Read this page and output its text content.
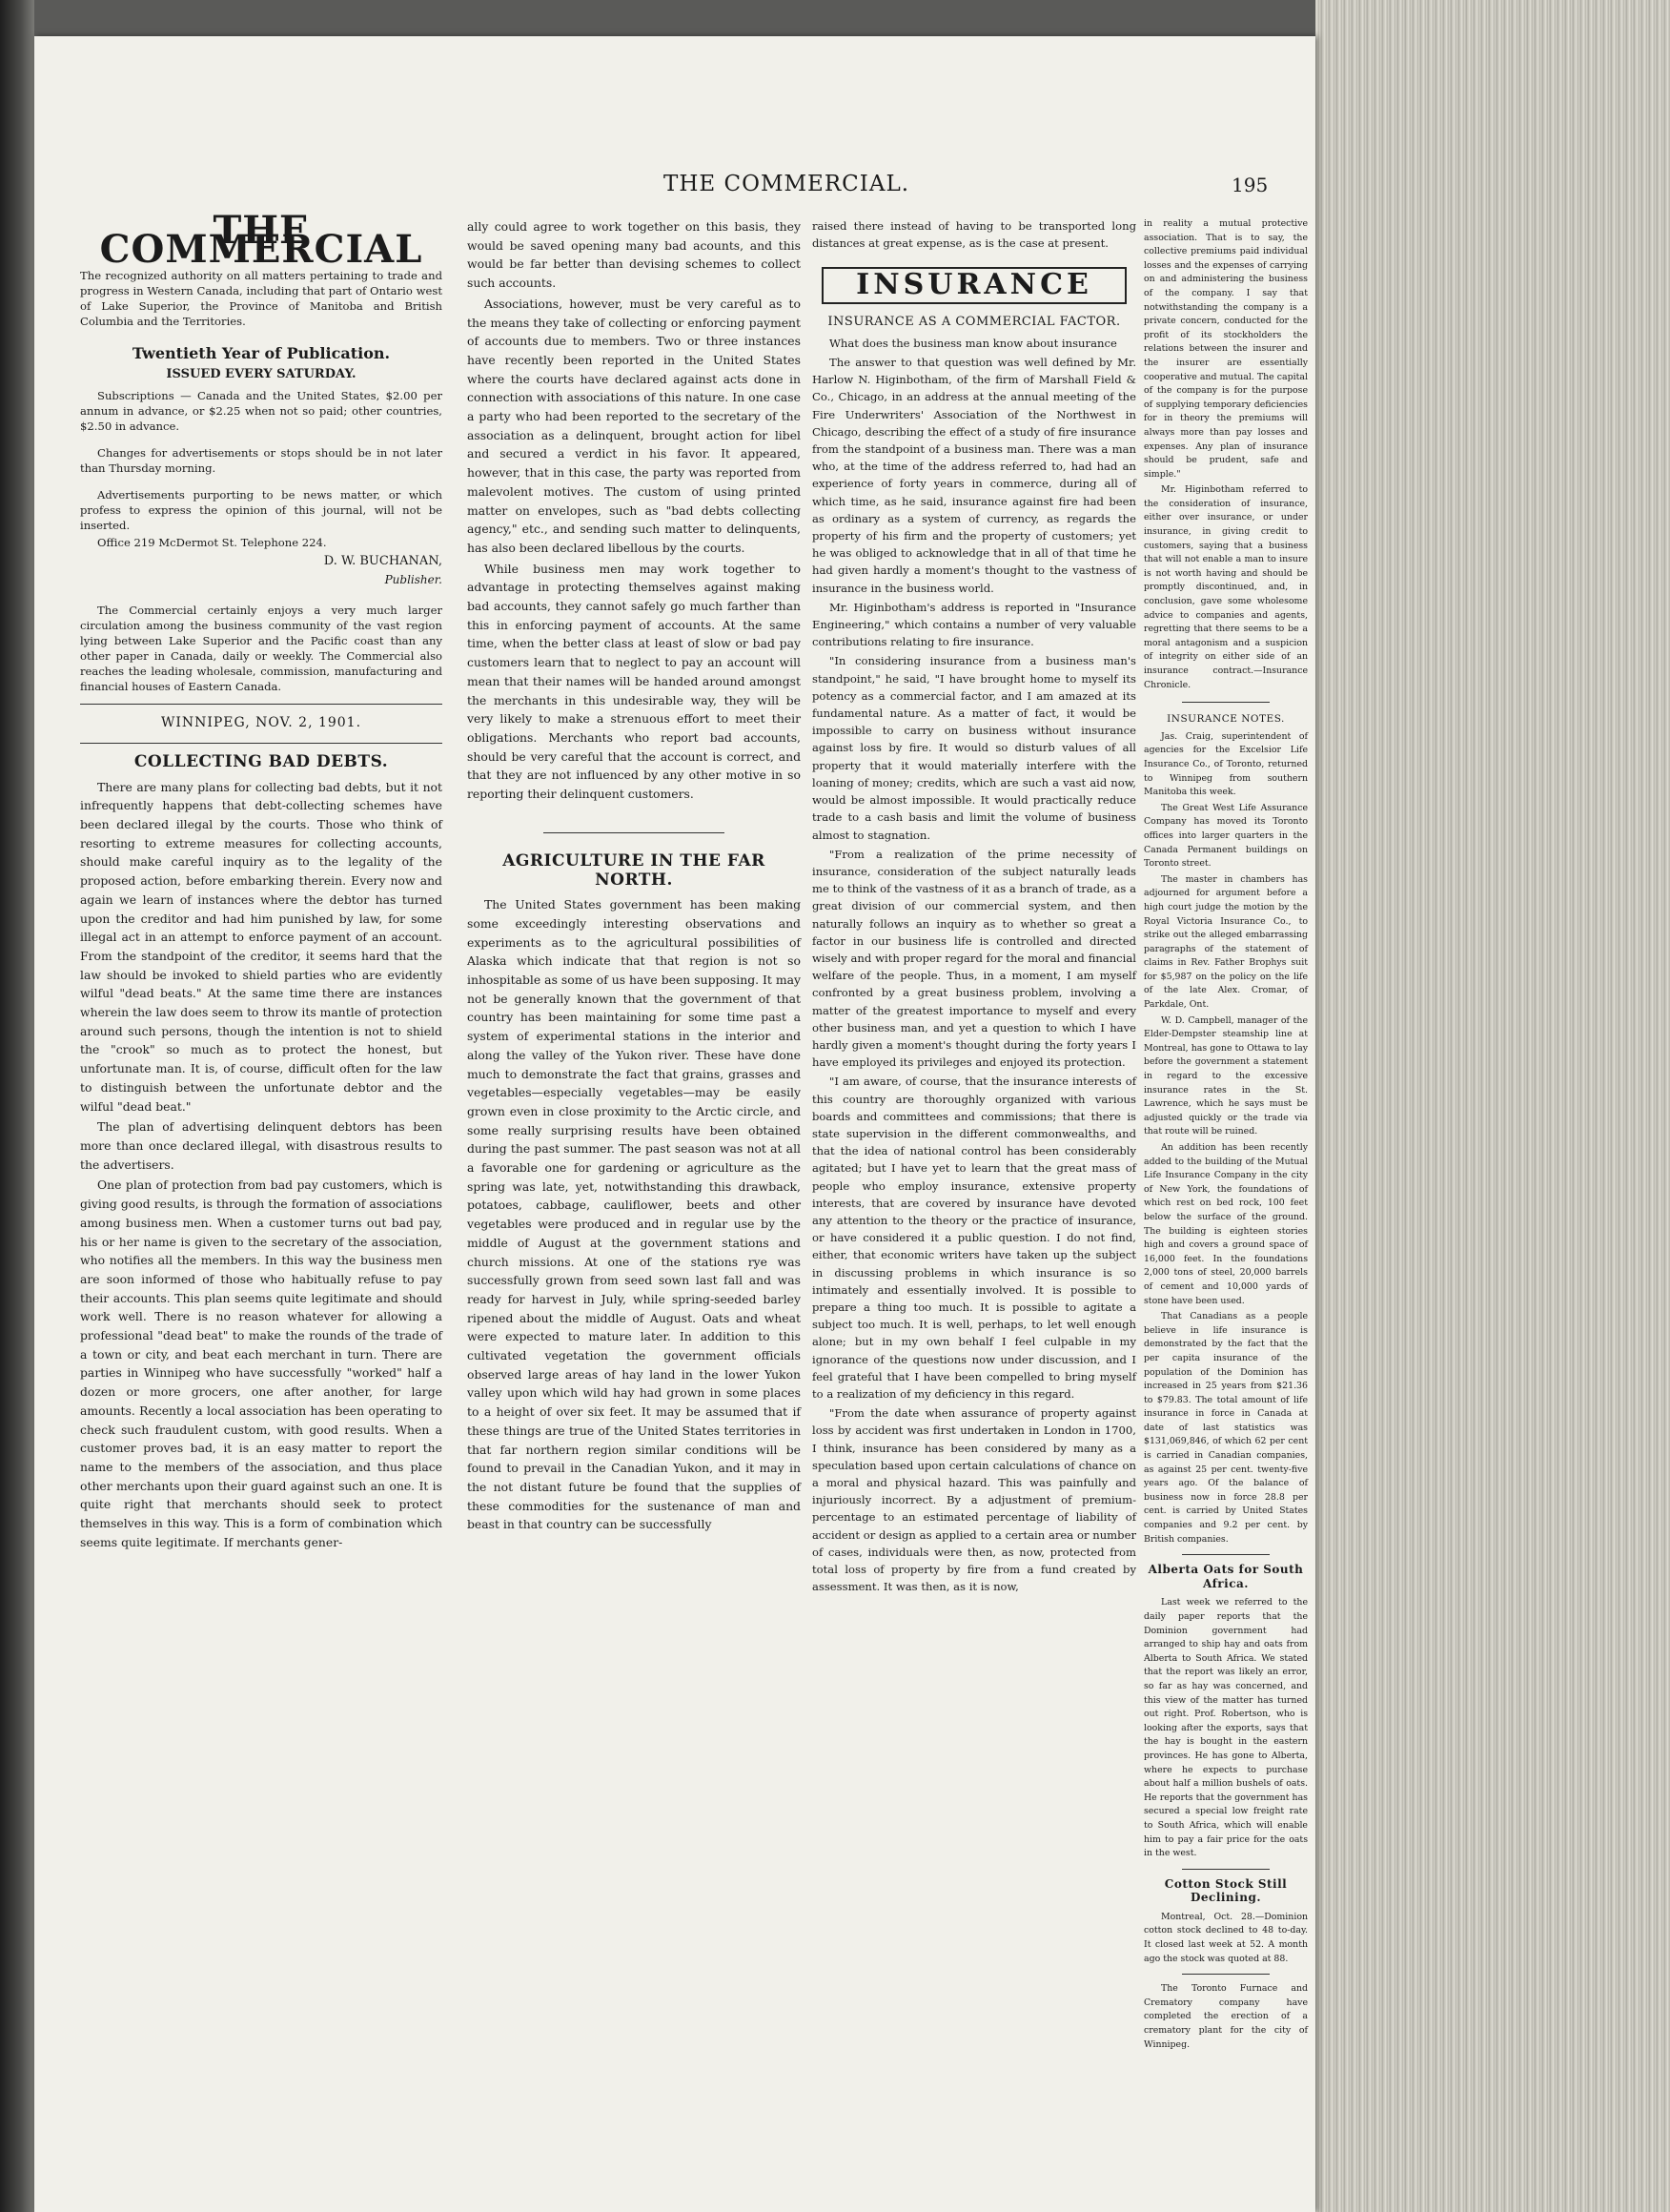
THE COMMERCIAL.	195
THE COMMERCIAL

The recognized authority on all matters pertaining to trade and progress in Western Canada, including that part of Ontario west of Lake Superior, the Province of Manitoba and British Columbia and the Territories.

Twentieth Year of Publication.
ISSUED EVERY SATURDAY.

Subscriptions — Canada and the United States, $2.00 per annum in advance, or $2.25 when not so paid; other countries, $2.50 in advance.

Changes for advertisements or stops should be in not later than Thursday morning.

Advertisements purporting to be news matter, or which profess to express the opinion of this journal, will not be inserted.

Office 219 McDermot St. Telephone 224.

D. W. BUCHANAN,
Publisher.

The Commercial certainly enjoys a very much larger circulation among the business community of the vast region lying between Lake Superior and the Pacific coast than any other paper in Canada, daily or weekly. The Commercial also reaches the leading wholesale, commission, manufacturing and financial houses of Eastern Canada.

WINNIPEG, NOV. 2, 1901.
COLLECTING BAD DEBTS.

There are many plans for collecting bad debts, but it not infrequently happens that debt-collecting schemes have been declared illegal by the courts. Those who think of resorting to extreme measures for collecting accounts, should make careful inquiry as to the legality of the proposed action, before embarking therein. Every now and again we learn of instances where the debtor has turned upon the creditor and had him punished by law, for some illegal act in an attempt to enforce payment of an account. From the standpoint of the creditor, it seems hard that the law should be invoked to shield parties who are evidently wilful "dead beats." At the same time there are instances wherein the law does seem to throw its mantle of protection around such persons, though the intention is not to shield the "crook" so much as to protect the honest, but unfortunate man. It is, of course, difficult often for the law to distinguish between the unfortunate debtor and the wilful "dead beat."

The plan of advertising delinquent debtors has been more than once declared illegal, with disastrous results to the advertisers.

One plan of protection from bad pay customers, which is giving good results, is through the formation of associations among business men. When a customer turns out bad pay, his or her name is given to the secretary of the association, who notifies all the members. In this way the business men are soon informed of those who habitually refuse to pay their accounts. This plan seems quite legitimate and should work well. There is no reason whatever for allowing a professional "dead beat" to make the rounds of the trade of a town or city, and beat each merchant in turn. There are parties in Winnipeg who have successfully "worked" half a dozen or more grocers, one after another, for large amounts. Recently a local association has been operating to check such fraudulent custom, with good results. When a customer proves bad, it is an easy matter to report the name to the members of the association, and thus place other merchants upon their guard against such an one. It is quite right that merchants should seek to protect themselves in this way. This is a form of combination which seems quite legitimate. If merchants gener-

ally could agree to work together on this basis, they would be saved opening many bad acounts, and this would be far better than devising schemes to collect such accounts.

Associations, however, must be very careful as to the means they take of collecting or enforcing payment of accounts due to members. Two or three instances have recently been reported in the United States where the courts have declared against acts done in connection with associations of this nature. In one case a party who had been reported to the secretary of the association as a delinquent, brought action for libel and secured a verdict in his favor. It appeared, however, that in this case, the party was reported from malevolent motives. The custom of using printed matter on envelopes, such as "bad debts collecting agency," etc., and sending such matter to delinquents, has also been declared libellous by the courts.

While business men may work together to advantage in protecting themselves against making bad accounts, they cannot safely go much farther than this in enforcing payment of accounts. At the same time, when the better class at least of slow or bad pay customers learn that to neglect to pay an account will mean that their names will be handed around amongst the merchants in this undesirable way, they will be very likely to make a strenuous effort to meet their obligations. Merchants who report bad accounts, should be very careful that the account is correct, and that they are not influenced by any other motive in so reporting their delinquent customers.

AGRICULTURE IN THE FAR NORTH.

The United States government has been making some exceedingly interesting observations and experiments as to the agricultural possibilities of Alaska which indicate that that region is not so inhospitable as some of us have been supposing. It may not be generally known that the government of that country has been maintaining for some time past a system of experimental stations in the interior and along the valley of the Yukon river. These have done much to demonstrate the fact that grains, grasses and vegetables—especially vegetables—may be easily grown even in close proximity to the Arctic circle, and some really surprising results have been obtained during the past summer. The past season was not at all a favorable one for gardening or agriculture as the spring was late, yet, notwithstanding this drawback, potatoes, cabbage, cauliflower, beets and other vegetables were produced and in regular use by the middle of August at the government stations and church missions. At one of the stations rye was successfully grown from seed sown last fall and was ready for harvest in July, while spring-seeded barley ripened about the middle of August. Oats and wheat were expected to mature later. In addition to this cultivated vegetation the government officials observed large areas of hay land in the lower Yukon valley upon which wild hay had grown in some places to a height of over six feet. It may be assumed that if these things are true of the United States territories in that far northern region similar conditions will be found to prevail in the Canadian Yukon, and it may in the not distant future be found that the supplies of these commodities for the sustenance of man and beast in that country can be successfully

raised there instead of having to be transported long distances at great expense, as is the case at present.

INSURANCE
INSURANCE AS A COMMERCIAL FACTOR.

What does the business man know about insurance

The answer to that question was well defined by Mr. Harlow N. Higinbotham, of the firm of Marshall Field & Co., Chicago, in an address at the annual meeting of the Fire Underwriters' Association of the Northwest in Chicago, describing the effect of a study of fire insurance from the standpoint of a business man. There was a man who, at the time of the address referred to, had had an experience of forty years in commerce, during all of which time, as he said, insurance against fire had been as ordinary as a system of currency, as regards the property of his firm and the property of customers; yet he was obliged to acknowledge that in all of that time he had given hardly a moment's thought to the vastness of insurance in the business world.

Mr. Higinbotham's address is reported in "Insurance Engineering," which contains a number of very valuable contributions relating to fire insurance.

"In considering insurance from a business man's standpoint," he said, "I have brought home to myself its potency as a commercial factor, and I am amazed at its fundamental nature. As a matter of fact, it would be impossible to carry on business without insurance against loss by fire. It would so disturb values of all property that it would materially interfere with the loaning of money; credits, which are such a vast aid now, would be almost impossible. It would practically reduce trade to a cash basis and limit the volume of business almost to stagnation.

"From a realization of the prime necessity of insurance, consideration of the subject naturally leads me to think of the vastness of it as a branch of trade, as a great division of our commercial system, and then naturally follows an inquiry as to whether so great a factor in our business life is controlled and directed wisely and with proper regard for the moral and financial welfare of the people. Thus, in a moment, I am myself confronted by a great business problem, involving a matter of the greatest importance to myself and every other business man, and yet a question to which I have hardly given a moment's thought during the forty years I have employed its privileges and enjoyed its protection.

"I am aware, of course, that the insurance interests of this country are thoroughly organized with various boards and committees and commissions; that there is state supervision in the different commonwealths, and that the idea of national control has been considerably agitated; but I have yet to learn that the great mass of people who employ insurance, extensive property interests, that are covered by insurance have devoted any attention to the theory or the practice of insurance, or have considered it a public question. I do not find, either, that economic writers have taken up the subject in discussing problems in which insurance is so intimately and essentially involved. It is possible to prepare a thing too much. It is possible to agitate a subject too much. It is well, perhaps, to let well enough alone; but in my own behalf I feel culpable in my ignorance of the questions now under discussion, and I feel grateful that I have been compelled to bring myself to a realization of my deficiency in this regard.

"From the date when assurance of property against loss by accident was first undertaken in London in 1700, I think, insurance has been considered by many as a speculation based upon certain calculations of chance on a moral and physical hazard. This was painfully and injuriously incorrect. By a adjustment of premium-percentage to an estimated percentage of liability of accident or design as applied to a certain area or number of cases, individuals were then, as now, protected from total loss of property by fire from a fund created by assessment. It was then, as it is now,

in reality a mutual protective association. That is to say, the collective premiums paid individual losses and the expenses of carrying on and administering the business of the company. I say that notwithstanding the company is a private concern, conducted for the profit of its stockholders the relations between the insurer and the insurer are essentially cooperative and mutual. The capital of the company is for the purpose of supplying temporary deficiencies for in theory the premiums will always more than pay losses and expenses. Any plan of insurance should be prudent, safe and simple."

Mr. Higinbotham referred to the consideration of insurance, either over insurance, or under insurance, in giving credit to customers, saying that a business that will not enable a man to insure is not worth having and should be promptly discontinued, and, in conclusion, gave some wholesome advice to companies and agents, regretting that there seems to be a moral antagonism and a suspicion of integrity on either side of an insurance contract.—Insurance Chronicle.

INSURANCE NOTES.

Jas. Craig, superintendent of agencies for the Excelsior Life Insurance Co., of Toronto, returned to Winnipeg from southern Manitoba this week.

The Great West Life Assurance Company has moved its Toronto offices into larger quarters in the Canada Permanent buildings on Toronto street.

The master in chambers has adjourned for argument before a high court judge the motion by the Royal Victoria Insurance Co., to strike out the alleged embarrassing paragraphs of the statement of claims in Rev. Father Brophys suit for $5,987 on the policy on the life of the late Alex. Cromar, of Parkdale, Ont.

W. D. Campbell, manager of the Elder-Dempster steamship line at Montreal, has gone to Ottawa to lay before the government a statement in regard to the excessive insurance rates in the St. Lawrence, which he says must be adjusted quickly or the trade via that route will be ruined.

An addition has been recently added to the building of the Mutual Life Insurance Company in the city of New York, the foundations of which rest on bed rock, 100 feet below the surface of the ground. The building is eighteen stories high and covers a ground space of 16,000 feet. In the foundations 2,000 tons of steel, 20,000 barrels of cement and 10,000 yards of stone have been used.

That Canadians as a people believe in life insurance is demonstrated by the fact that the per capita insurance of the population of the Dominion has increased in 25 years from $21.36 to $79.83. The total amount of life insurance in force in Canada at date of last statistics was $131,069,846, of which 62 per cent is carried in Canadian companies, as against 25 per cent. twenty-five years ago. Of the balance of business now in force 28.8 per cent. is carried by United States companies and 9.2 per cent. by British companies.

Alberta Oats for South Africa.

Last week we referred to the daily paper reports that the Dominion government had arranged to ship hay and oats from Alberta to South Africa. We stated that the report was likely an error, so far as hay was concerned, and this view of the matter has turned out right. Prof. Robertson, who is looking after the exports, says that the hay is bought in the eastern provinces. He has gone to Alberta, where he expects to purchase about half a million bushels of oats. He reports that the government has secured a special low freight rate to South Africa, which will enable him to pay a fair price for the oats in the west.

Cotton Stock Still Declining.

Montreal, Oct. 28.—Dominion cotton stock declined to 48 to-day. It closed last week at 52. A month ago the stock was quoted at 88.

The Toronto Furnace and Crematory company have completed the erection of a crematory plant for the city of Winnipeg.
